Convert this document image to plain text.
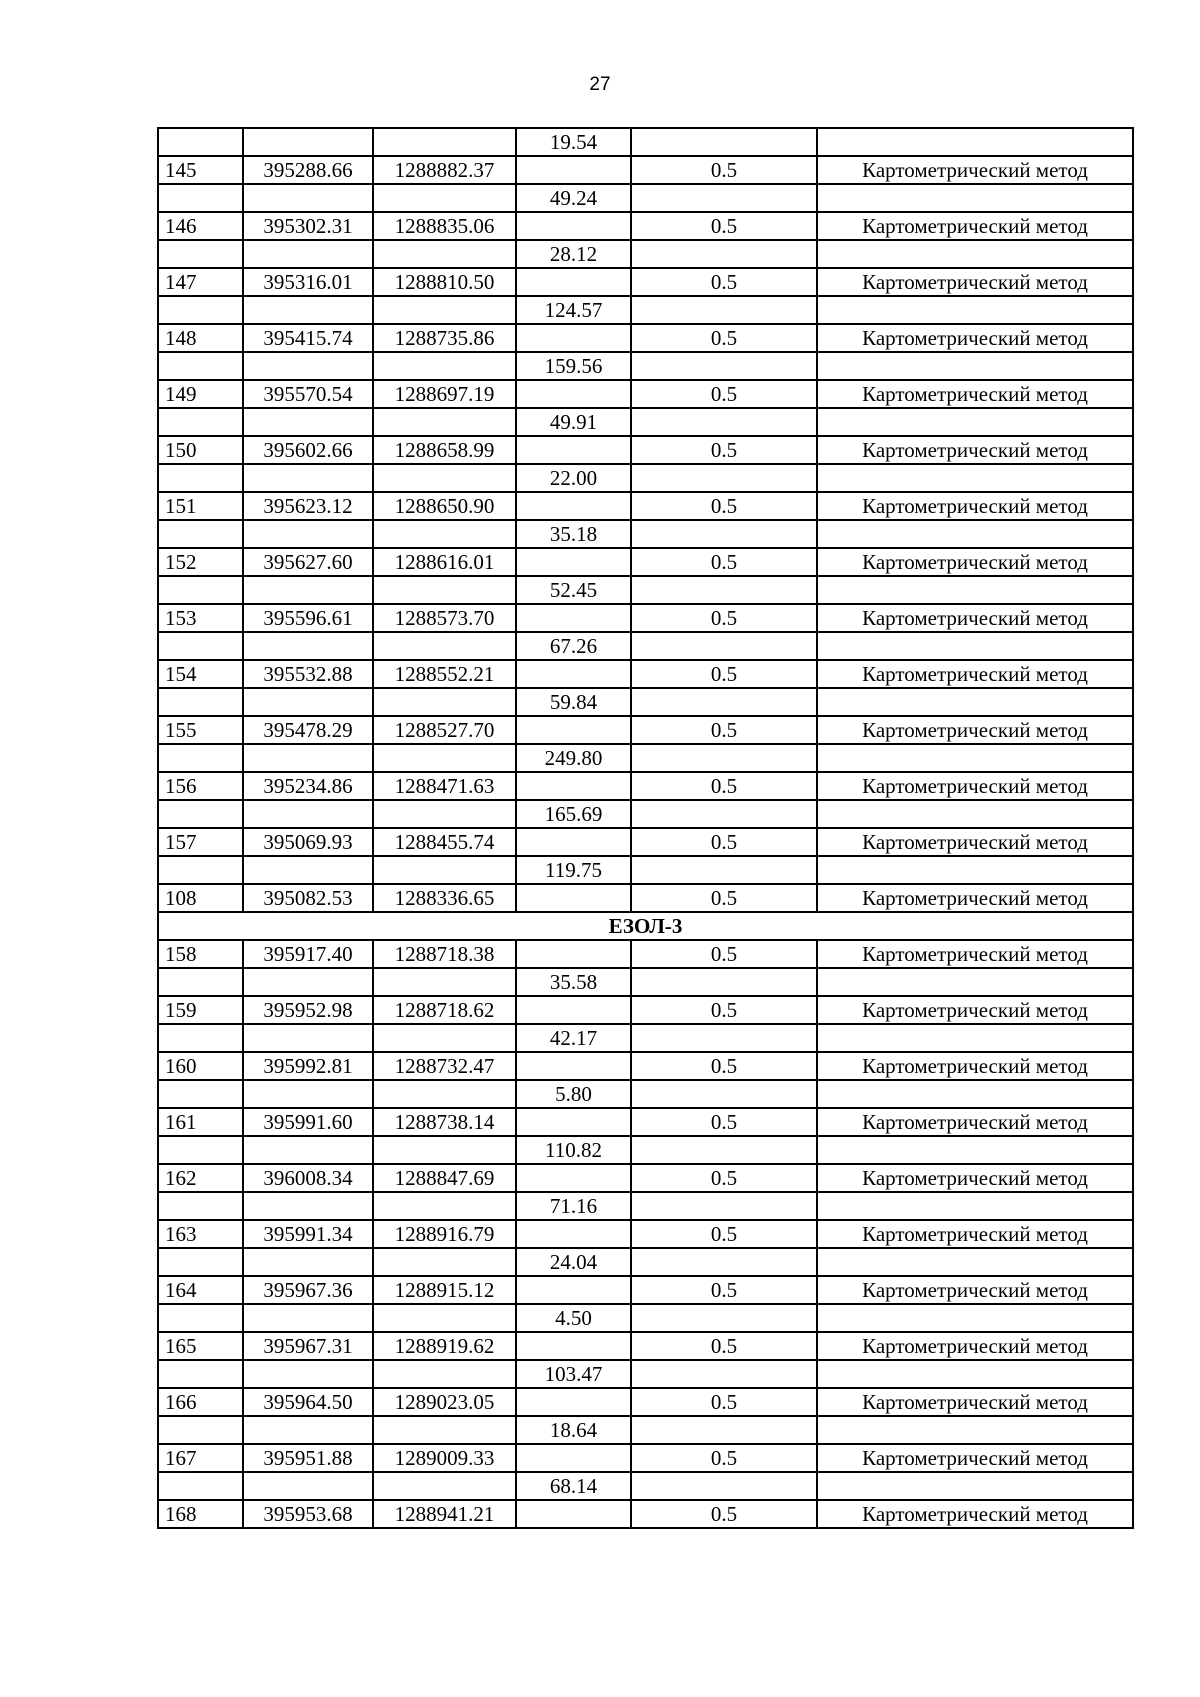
27
			19.54		
145	395288.66	1288882.37		0.5	Картометрический метод
			49.24		
146	395302.31	1288835.06		0.5	Картометрический метод
			28.12		
147	395316.01	1288810.50		0.5	Картометрический метод
			124.57		
148	395415.74	1288735.86		0.5	Картометрический метод
			159.56		
149	395570.54	1288697.19		0.5	Картометрический метод
			49.91		
150	395602.66	1288658.99		0.5	Картометрический метод
			22.00		
151	395623.12	1288650.90		0.5	Картометрический метод
			35.18		
152	395627.60	1288616.01		0.5	Картометрический метод
			52.45		
153	395596.61	1288573.70		0.5	Картометрический метод
			67.26		
154	395532.88	1288552.21		0.5	Картометрический метод
			59.84		
155	395478.29	1288527.70		0.5	Картометрический метод
			249.80		
156	395234.86	1288471.63		0.5	Картометрический метод
			165.69		
157	395069.93	1288455.74		0.5	Картометрический метод
			119.75		
108	395082.53	1288336.65		0.5	Картометрический метод
ЕЗОЛ-3					
158	395917.40	1288718.38		0.5	Картометрический метод
			35.58		
159	395952.98	1288718.62		0.5	Картометрический метод
			42.17		
160	395992.81	1288732.47		0.5	Картометрический метод
			5.80		
161	395991.60	1288738.14		0.5	Картометрический метод
			110.82		
162	396008.34	1288847.69		0.5	Картометрический метод
			71.16		
163	395991.34	1288916.79		0.5	Картометрический метод
			24.04		
164	395967.36	1288915.12		0.5	Картометрический метод
			4.50		
165	395967.31	1288919.62		0.5	Картометрический метод
			103.47		
166	395964.50	1289023.05		0.5	Картометрический метод
			18.64		
167	395951.88	1289009.33		0.5	Картометрический метод
			68.14		
168	395953.68	1288941.21		0.5	Картометрический метод
